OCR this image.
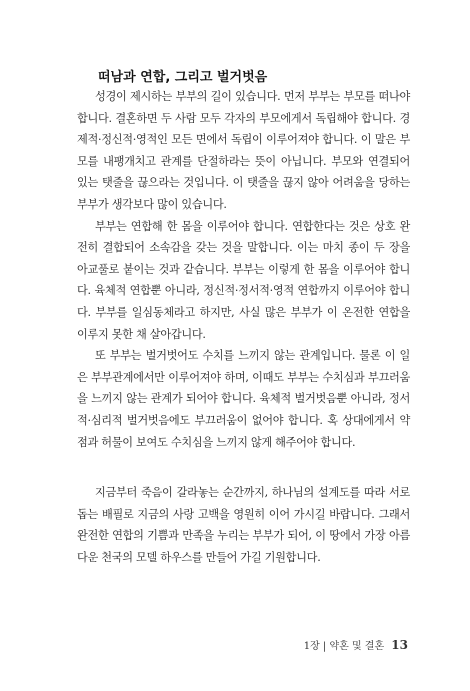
떠남과 연합, 그리고 벌거벗음

성경이 제시하는 부부의 길이 있습니다. 먼저 부부는 부모를 떠나야 합니다. 결혼하면 두 사람 모두 각자의 부모에게서 독립해야 합니다. 경제적·정신적·영적인 모든 면에서 독립이 이루어져야 합니다. 이 말은 부모를 내팽개치고 관계를 단절하라는 뜻이 아닙니다. 부모와 연결되어 있는 탯줄을 끊으라는 것입니다. 이 탯줄을 끊지 않아 어려움을 당하는 부부가 생각보다 많이 있습니다.

부부는 연합해 한 몸을 이루어야 합니다. 연합한다는 것은 상호 완전히 결합되어 소속감을 갖는 것을 말합니다. 이는 마치 종이 두 장을 아교풀로 붙이는 것과 같습니다. 부부는 이렇게 한 몸을 이루어야 합니다. 육체적 연합뿐 아니라, 정신적·정서적·영적 연합까지 이루어야 합니다. 부부를 일심동체라고 하지만, 사실 많은 부부가 이 온전한 연합을 이루지 못한 채 살아갑니다.

또 부부는 벌거벗어도 수치를 느끼지 않는 관계입니다. 물론 이 일은 부부관계에서만 이루어져야 하며, 이때도 부부는 수치심과 부끄러움을 느끼지 않는 관계가 되어야 합니다. 육체적 벌거벗음뿐 아니라, 정서적·심리적 벌거벗음에도 부끄러움이 없어야 합니다. 혹 상대에게서 약점과 허물이 보여도 수치심을 느끼지 않게 해주어야 합니다.

지금부터 죽음이 갈라놓는 순간까지, 하나님의 설계도를 따라 서로 돕는 배필로 지금의 사랑 고백을 영원히 이어 가시길 바랍니다. 그래서 완전한 연합의 기쁨과 만족을 누리는 부부가 되어, 이 땅에서 가장 아름다운 천국의 모델 하우스를 만들어 가길 기원합니다.

1장 | 약혼 및 결혼 13
